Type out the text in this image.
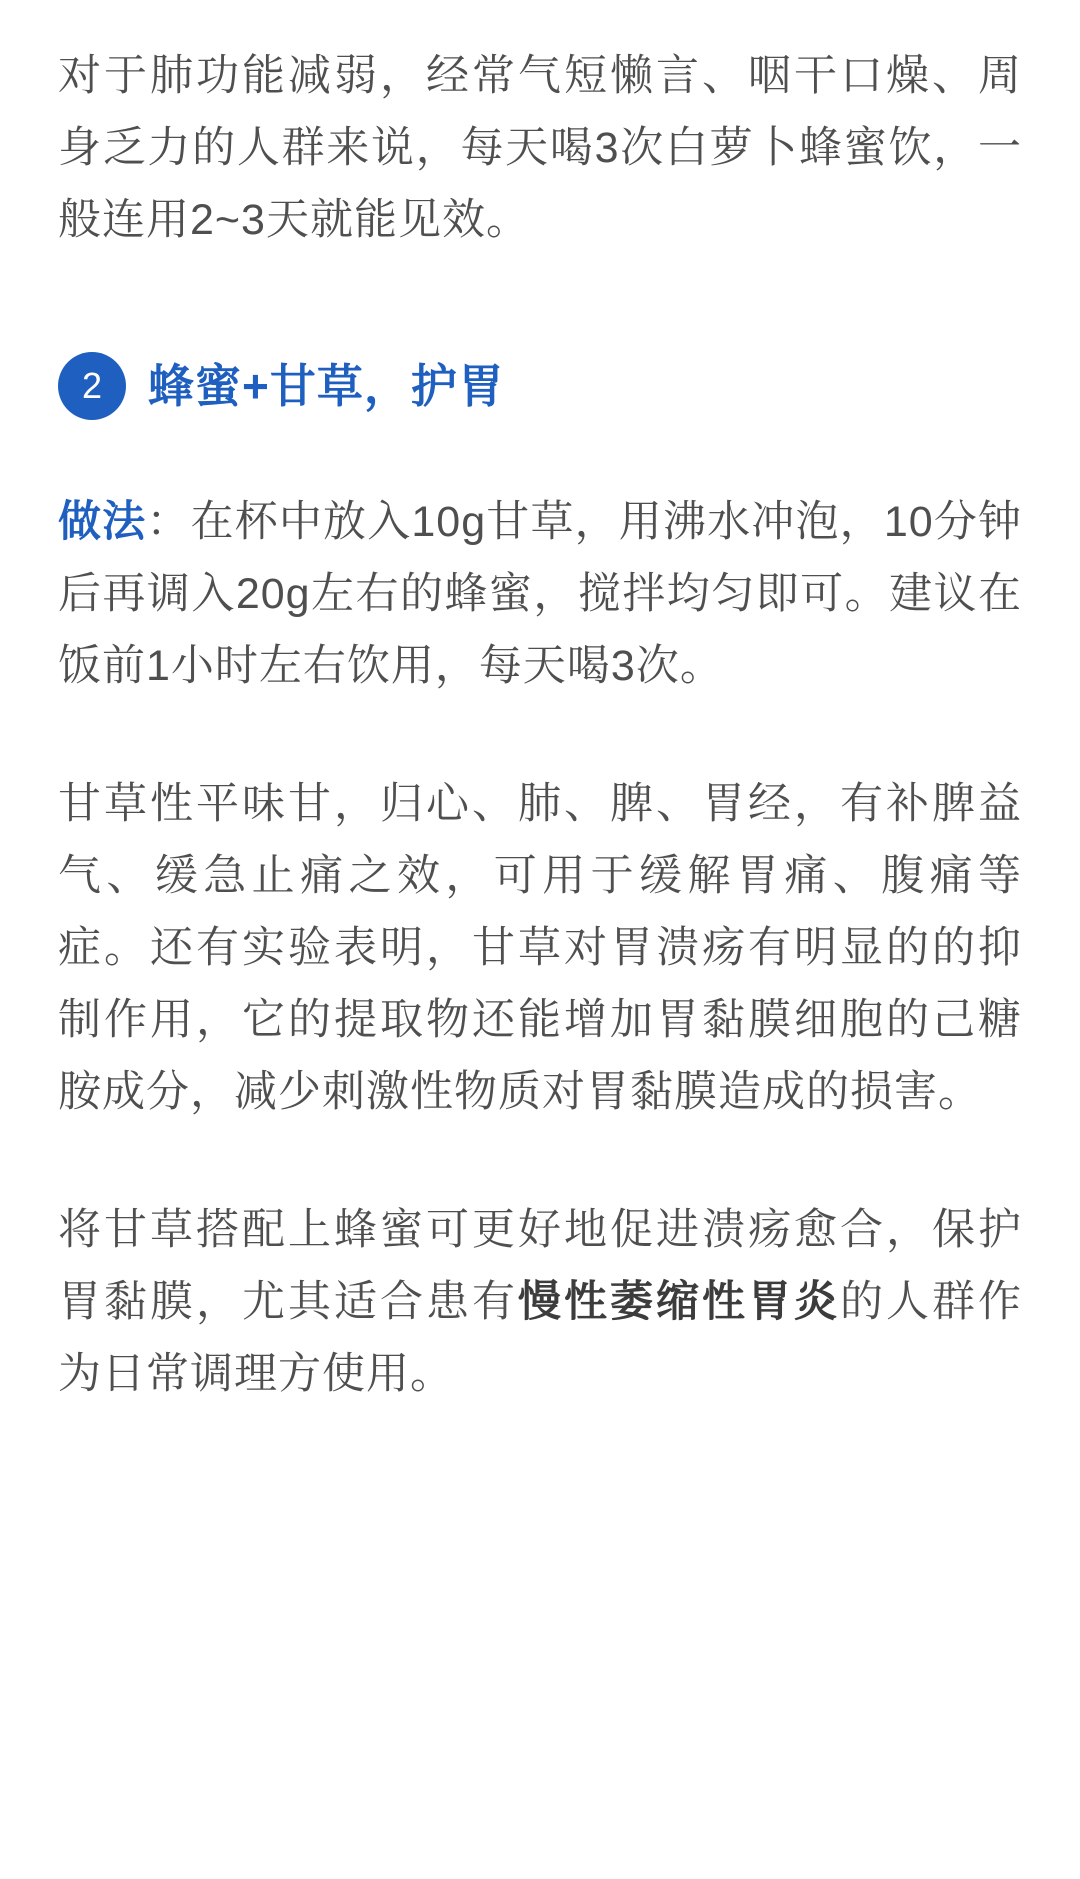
对于肺功能减弱，经常气短懒言、咽干口燥、周身乏力的人群来说，每天喝3次白萝卜蜂蜜饮，一般连用2~3天就能见效。

2 蜂蜜+甘草，护胃

做法：在杯中放入10g甘草，用沸水冲泡，10分钟后再调入20g左右的蜂蜜，搅拌均匀即可。建议在饭前1小时左右饮用，每天喝3次。

甘草性平味甘，归心、肺、脾、胃经，有补脾益气、缓急止痛之效，可用于缓解胃痛、腹痛等症。还有实验表明，甘草对胃溃疡有明显的的抑制作用，它的提取物还能增加胃黏膜细胞的己糖胺成分，减少刺激性物质对胃黏膜造成的损害。

将甘草搭配上蜂蜜可更好地促进溃疡愈合，保护胃黏膜，尤其适合患有慢性萎缩性胃炎的人群作为日常调理方使用。
